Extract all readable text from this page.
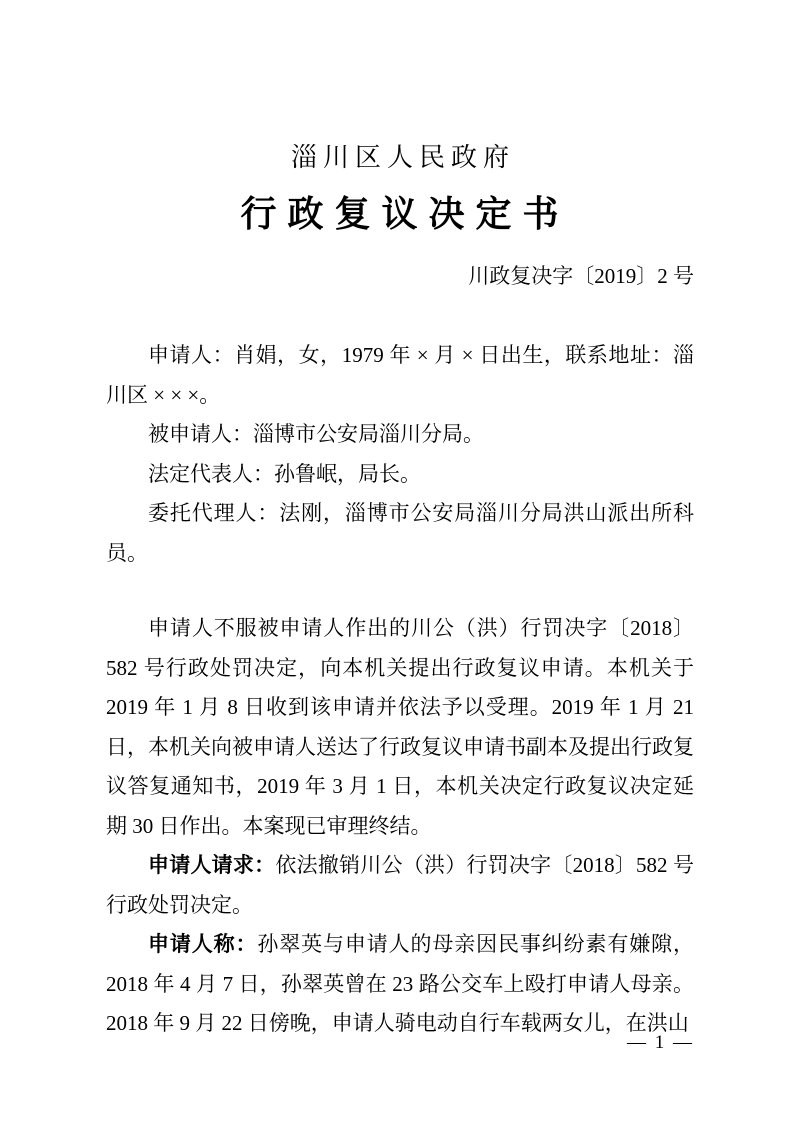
淄川区人民政府
行 政 复 议 决 定 书
川政复决字〔2019〕2 号

申请人：肖娟，女，1979 年 × 月 × 日出生，联系地址：淄川区 × × ×。

被申请人：淄博市公安局淄川分局。

法定代表人：孙鲁岷，局长。

委托代理人：法刚，淄博市公安局淄川分局洪山派出所科员。

申请人不服被申请人作出的川公（洪）行罚决字〔2018〕582 号行政处罚决定，向本机关提出行政复议申请。本机关于 2019 年 1 月 8 日收到该申请并依法予以受理。2019 年 1 月 21 日，本机关向被申请人送达了行政复议申请书副本及提出行政复议答复通知书，2019 年 3 月 1 日，本机关决定行政复议决定延期 30 日作出。本案现已审理终结。

申请人请求：依法撤销川公（洪）行罚决字〔2018〕582 号行政处罚决定。

申请人称：孙翠英与申请人的母亲因民事纠纷素有嫌隙，2018 年 4 月 7 日，孙翠英曾在 23 路公交车上殴打申请人母亲。2018 年 9 月 22 日傍晚，申请人骑电动自行车载两女儿，在洪山

— 1 —
